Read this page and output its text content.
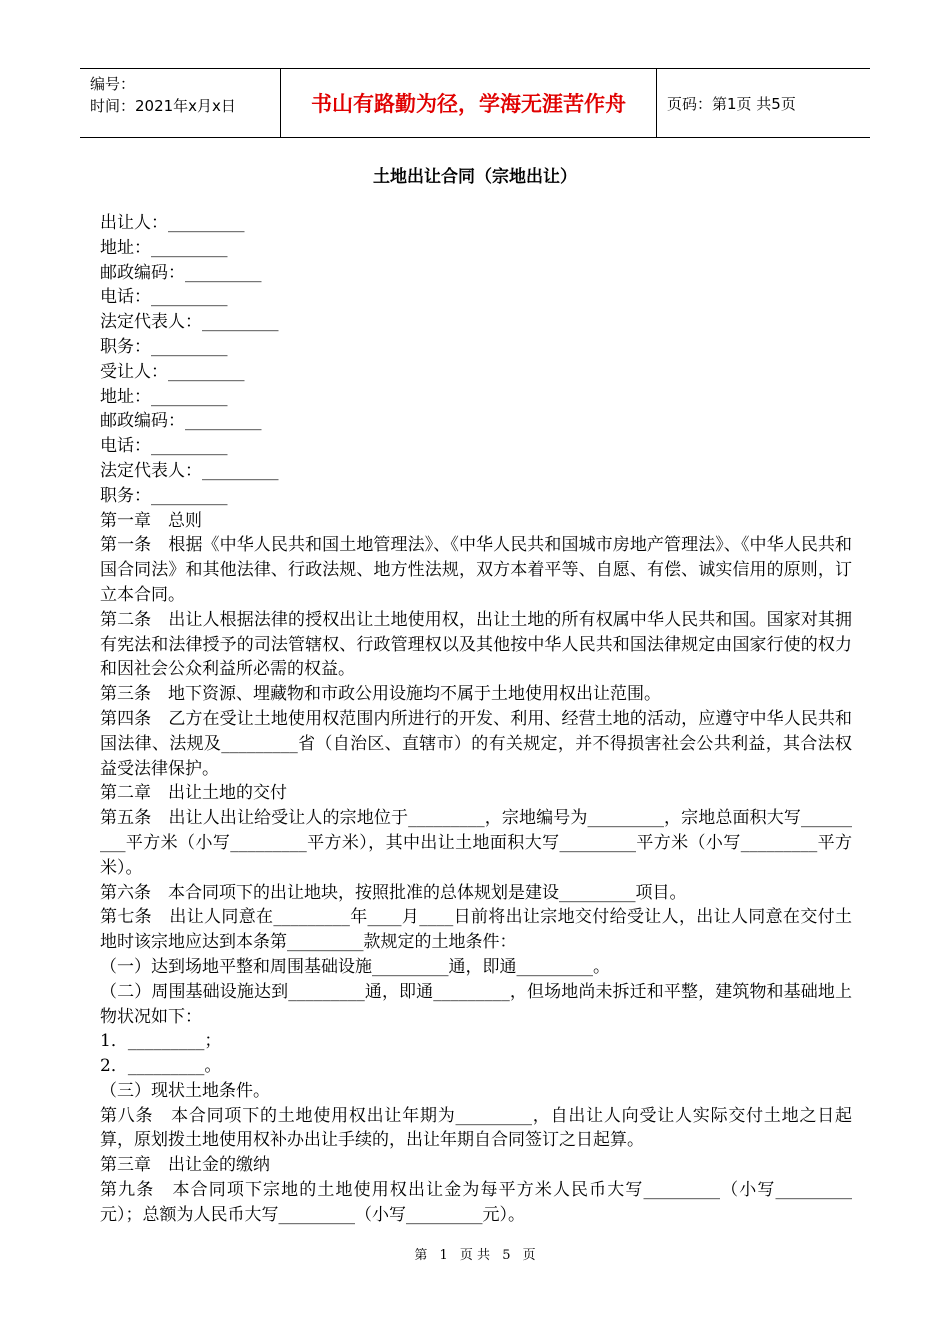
编号：
时间：2021年x月x日	书山有路勤为径，学海无涯苦作舟	页码：第1页 共5页
土地出让合同（宗地出让）

出让人：_________

地址：_________

邮政编码：_________

电话：_________

法定代表人：_________

职务：_________

受让人：_________

地址：_________

邮政编码：_________

电话：_________

法定代表人：_________

职务：_________

第一章　总则

第一条　根据《中华人民共和国土地管理法》、《中华人民共和国城市房地产管理法》、《中华人民共和国合同法》和其他法律、行政法规、地方性法规，双方本着平等、自愿、有偿、诚实信用的原则，订立本合同。

第二条　出让人根据法律的授权出让土地使用权，出让土地的所有权属中华人民共和国。国家对其拥有宪法和法律授予的司法管辖权、行政管理权以及其他按中华人民共和国法律规定由国家行使的权力和因社会公众利益所必需的权益。

第三条　地下资源、埋藏物和市政公用设施均不属于土地使用权出让范围。

第四条　乙方在受让土地使用权范围内所进行的开发、利用、经营土地的活动，应遵守中华人民共和国法律、法规及_________省（自治区、直辖市）的有关规定，并不得损害社会公共利益，其合法权益受法律保护。

第二章　出让土地的交付

第五条　出让人出让给受让人的宗地位于_________，宗地编号为_________，宗地总面积大写_________平方米（小写_________平方米），其中出让土地面积大写_________平方米（小写_________平方米）。

第六条　本合同项下的出让地块，按照批准的总体规划是建设_________项目。

第七条　出让人同意在_________年____月____日前将出让宗地交付给受让人，出让人同意在交付土地时该宗地应达到本条第_________款规定的土地条件：

（一）达到场地平整和周围基础设施_________通，即通_________。

（二）周围基础设施达到_________通，即通_________，但场地尚未拆迁和平整，建筑物和基础地上物状况如下：

1．_________；

2．_________。

（三）现状土地条件。

第八条　本合同项下的土地使用权出让年期为_________，自出让人向受让人实际交付土地之日起算，原划拨土地使用权补办出让手续的，出让年期自合同签订之日起算。

第三章　出让金的缴纳

第九条　本合同项下宗地的土地使用权出让金为每平方米人民币大写_________（小写_________元）；总额为人民币大写_________（小写_________元）。

第 1 页 共 5 页
